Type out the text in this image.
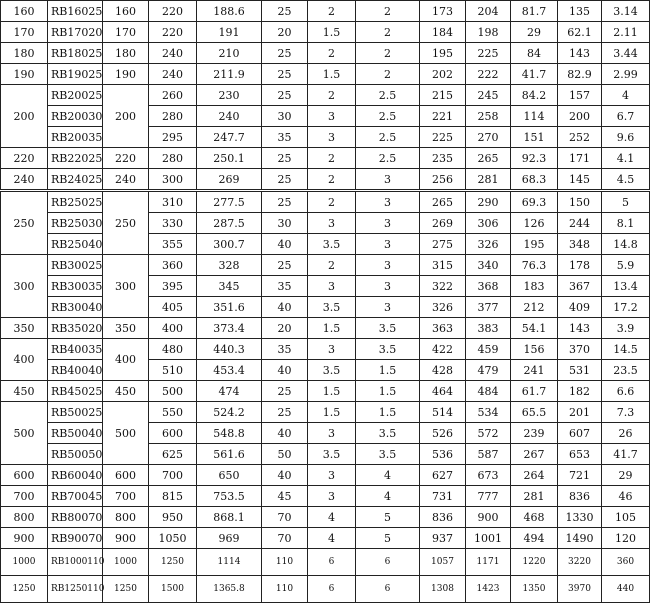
160	RB16025	160	220	188.6	25	2	2	173	204	81.7	135	3.14
170	RB17020	170	220	191	20	1.5	2	184	198	29	62.1	2.11
180	RB18025	180	240	210	25	2	2	195	225	84	143	3.44
190	RB19025	190	240	211.9	25	1.5	2	202	222	41.7	82.9	2.99
200	RB20025	200	260	230	25	2	2.5	215	245	84.2	157	4
	RB20030		280	240	30	3	2.5	221	258	114	200	6.7
	RB20035		295	247.7	35	3	2.5	225	270	151	252	9.6
220	RB22025	220	280	250.1	25	2	2.5	235	265	92.3	171	4.1
240	RB24025	240	300	269	25	2	3	256	281	68.3	145	4.5
250	RB25025	250	310	277.5	25	2	3	265	290	69.3	150	5
	RB25030		330	287.5	30	3	3	269	306	126	244	8.1
	RB25040		355	300.7	40	3.5	3	275	326	195	348	14.8
300	RB30025	300	360	328	25	2	3	315	340	76.3	178	5.9
	RB30035		395	345	35	3	3	322	368	183	367	13.4
	RB30040		405	351.6	40	3.5	3	326	377	212	409	17.2
350	RB35020	350	400	373.4	20	1.5	3.5	363	383	54.1	143	3.9
400	RB40035	400	480	440.3	35	3	3.5	422	459	156	370	14.5
	RB40040		510	453.4	40	3.5	1.5	428	479	241	531	23.5
450	RB45025	450	500	474	25	1.5	1.5	464	484	61.7	182	6.6
500	RB50025	500	550	524.2	25	1.5	1.5	514	534	65.5	201	7.3
	RB50040		600	548.8	40	3	3.5	526	572	239	607	26
	RB50050		625	561.6	50	3.5	3.5	536	587	267	653	41.7
600	RB60040	600	700	650	40	3	4	627	673	264	721	29
700	RB70045	700	815	753.5	45	3	4	731	777	281	836	46
800	RB80070	800	950	868.1	70	4	5	836	900	468	1330	105
900	RB90070	900	1050	969	70	4	5	937	1001	494	1490	120
1000	RB1000110	1000	1250	1114	110	6	6	1057	1171	1220	3220	360
1250	RB1250110	1250	1500	1365.8	110	6	6	1308	1423	1350	3970	440
